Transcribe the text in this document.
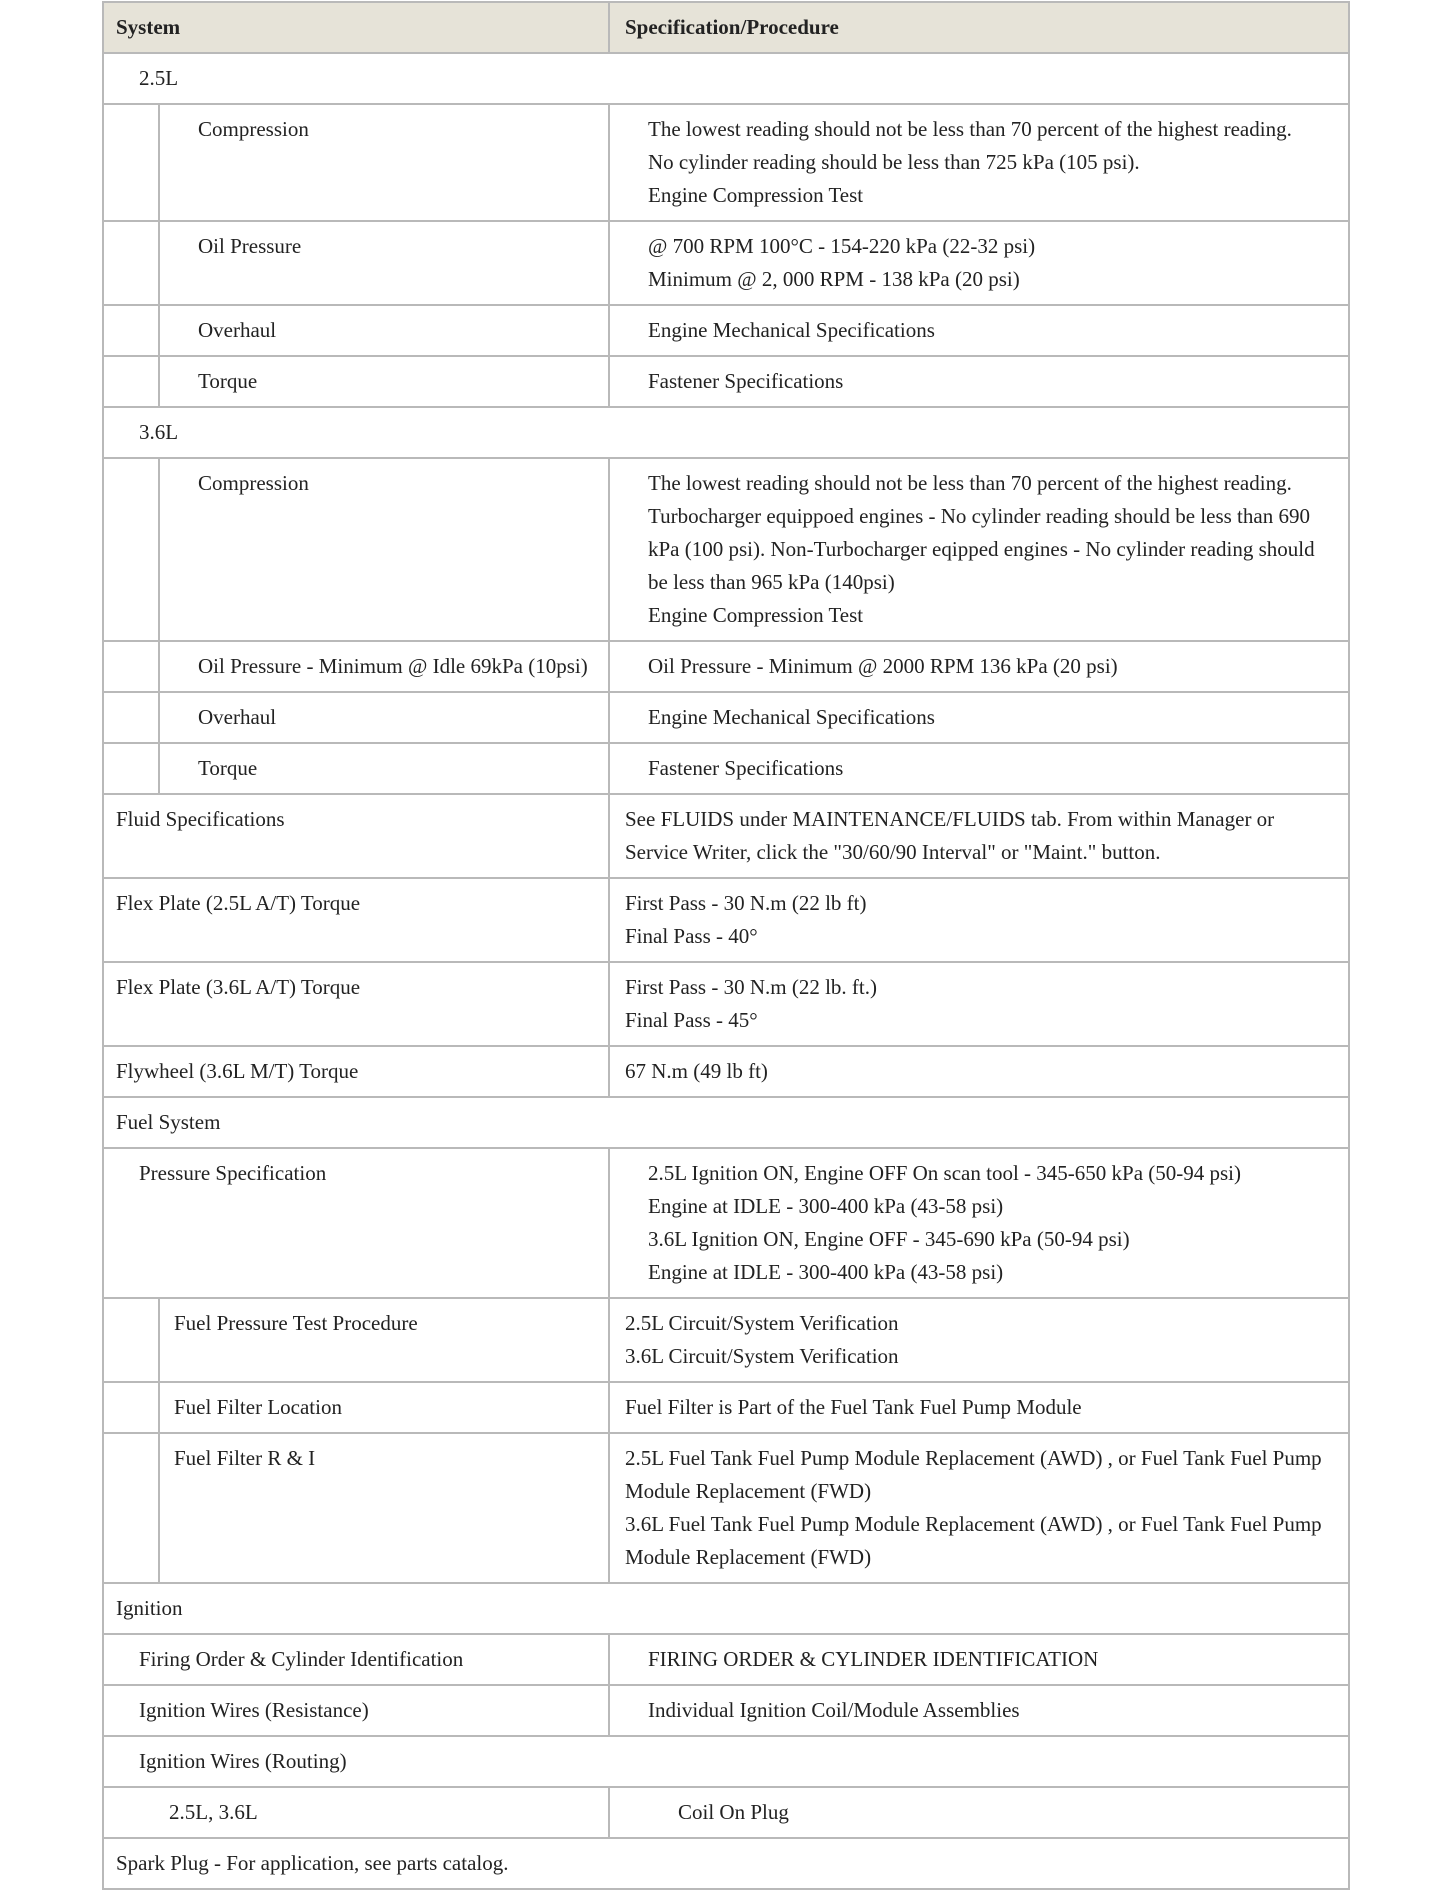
System	Specification/Procedure
2.5L
Compression	The lowest reading should not be less than 70 percent of the highest reading.
No cylinder reading should be less than 725 kPa (105 psi).
Engine Compression Test
Oil Pressure	@ 700 RPM 100°C - 154-220 kPa (22-32 psi)
Minimum @ 2, 000 RPM - 138 kPa (20 psi)
Overhaul	Engine Mechanical Specifications
Torque	Fastener Specifications
3.6L
Compression	The lowest reading should not be less than 70 percent of the highest reading.
Turbocharger equippoed engines - No cylinder reading should be less than 690 kPa (100 psi). Non-Turbocharger eqipped engines - No cylinder reading should be less than 965 kPa (140psi)
Engine Compression Test
Oil Pressure - Minimum @ Idle 69kPa (10psi)	Oil Pressure - Minimum @ 2000 RPM 136 kPa (20 psi)
Overhaul	Engine Mechanical Specifications
Torque	Fastener Specifications
Fluid Specifications	See FLUIDS under MAINTENANCE/FLUIDS tab. From within Manager or Service Writer, click the "30/60/90 Interval" or "Maint." button.
Flex Plate (2.5L A/T) Torque	First Pass - 30 N.m (22 lb ft)
Final Pass - 40°
Flex Plate (3.6L A/T) Torque	First Pass - 30 N.m (22 lb. ft.)
Final Pass - 45°
Flywheel (3.6L M/T) Torque	67 N.m (49 lb ft)
Fuel System
Pressure Specification	2.5L Ignition ON, Engine OFF On scan tool - 345-650 kPa (50-94 psi)
Engine at IDLE - 300-400 kPa (43-58 psi)
3.6L Ignition ON, Engine OFF - 345-690 kPa (50-94 psi)
Engine at IDLE - 300-400 kPa (43-58 psi)
Fuel Pressure Test Procedure	2.5L Circuit/System Verification
3.6L Circuit/System Verification
Fuel Filter Location	Fuel Filter is Part of the Fuel Tank Fuel Pump Module
Fuel Filter R & I	2.5L Fuel Tank Fuel Pump Module Replacement (AWD) , or Fuel Tank Fuel Pump Module Replacement (FWD)
3.6L Fuel Tank Fuel Pump Module Replacement (AWD) , or Fuel Tank Fuel Pump Module Replacement (FWD)
Ignition
Firing Order & Cylinder Identification	FIRING ORDER & CYLINDER IDENTIFICATION
Ignition Wires (Resistance)	Individual Ignition Coil/Module Assemblies
Ignition Wires (Routing)
2.5L, 3.6L	Coil On Plug
Spark Plug - For application, see parts catalog.
